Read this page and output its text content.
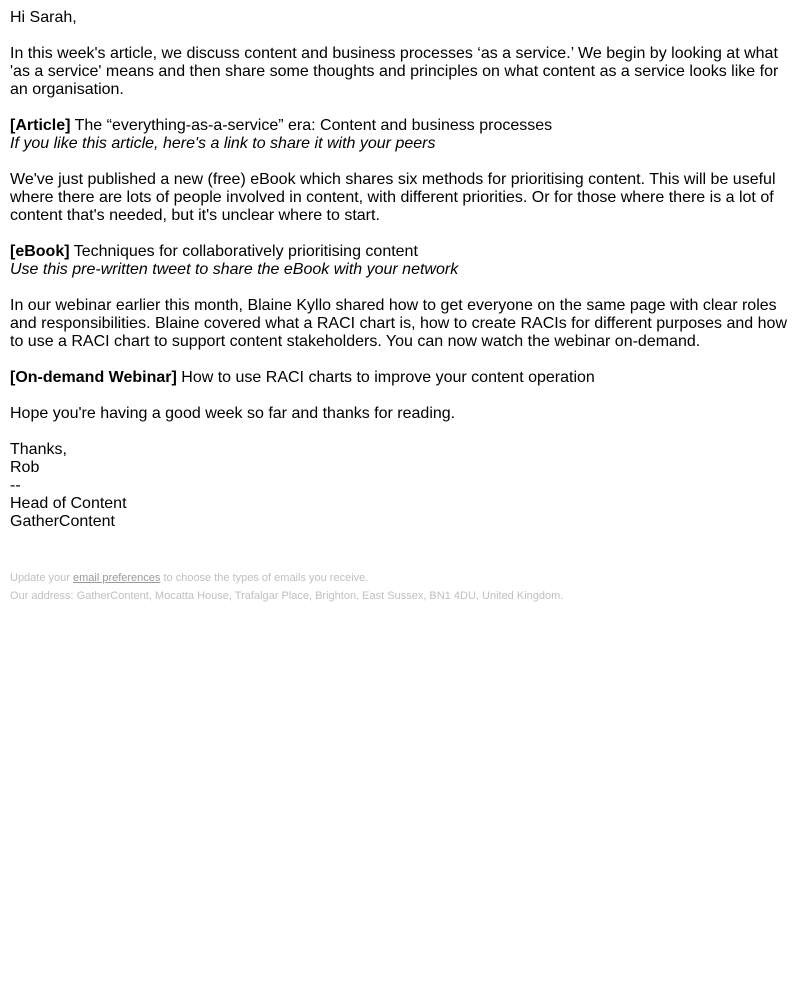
Hi Sarah,

In this week's article, we discuss content and business processes ‘as a service.’ We begin by looking at what 'as a service' means and then share some thoughts and principles on what content as a service looks like for an organisation.

[Article] The “everything-as-a-service” era: Content and business processes

If you like this article, here's a link to share it with your peers

We've just published a new (free) eBook which shares six methods for prioritising content. This will be useful where there are lots of people involved in content, with different priorities. Or for those where there is a lot of content that's needed, but it's unclear where to start.

[eBook] Techniques for collaboratively prioritising content

Use this pre-written tweet to share the eBook with your network

In our webinar earlier this month, Blaine Kyllo shared how to get everyone on the same page with clear roles and responsibilities. Blaine covered what a RACI chart is, how to create RACIs for different purposes and how to use a RACI chart to support content stakeholders. You can now watch the webinar on-demand.

[On-demand Webinar] How to use RACI charts to improve your content operation

Hope you're having a good week so far and thanks for reading.

Thanks,
Rob
--
Head of Content
GatherContent
Update your email preferences to choose the types of emails you receive.
Our address: GatherContent, Mocatta House, Trafalgar Place, Brighton, East Sussex, BN1 4DU, United Kingdom.
